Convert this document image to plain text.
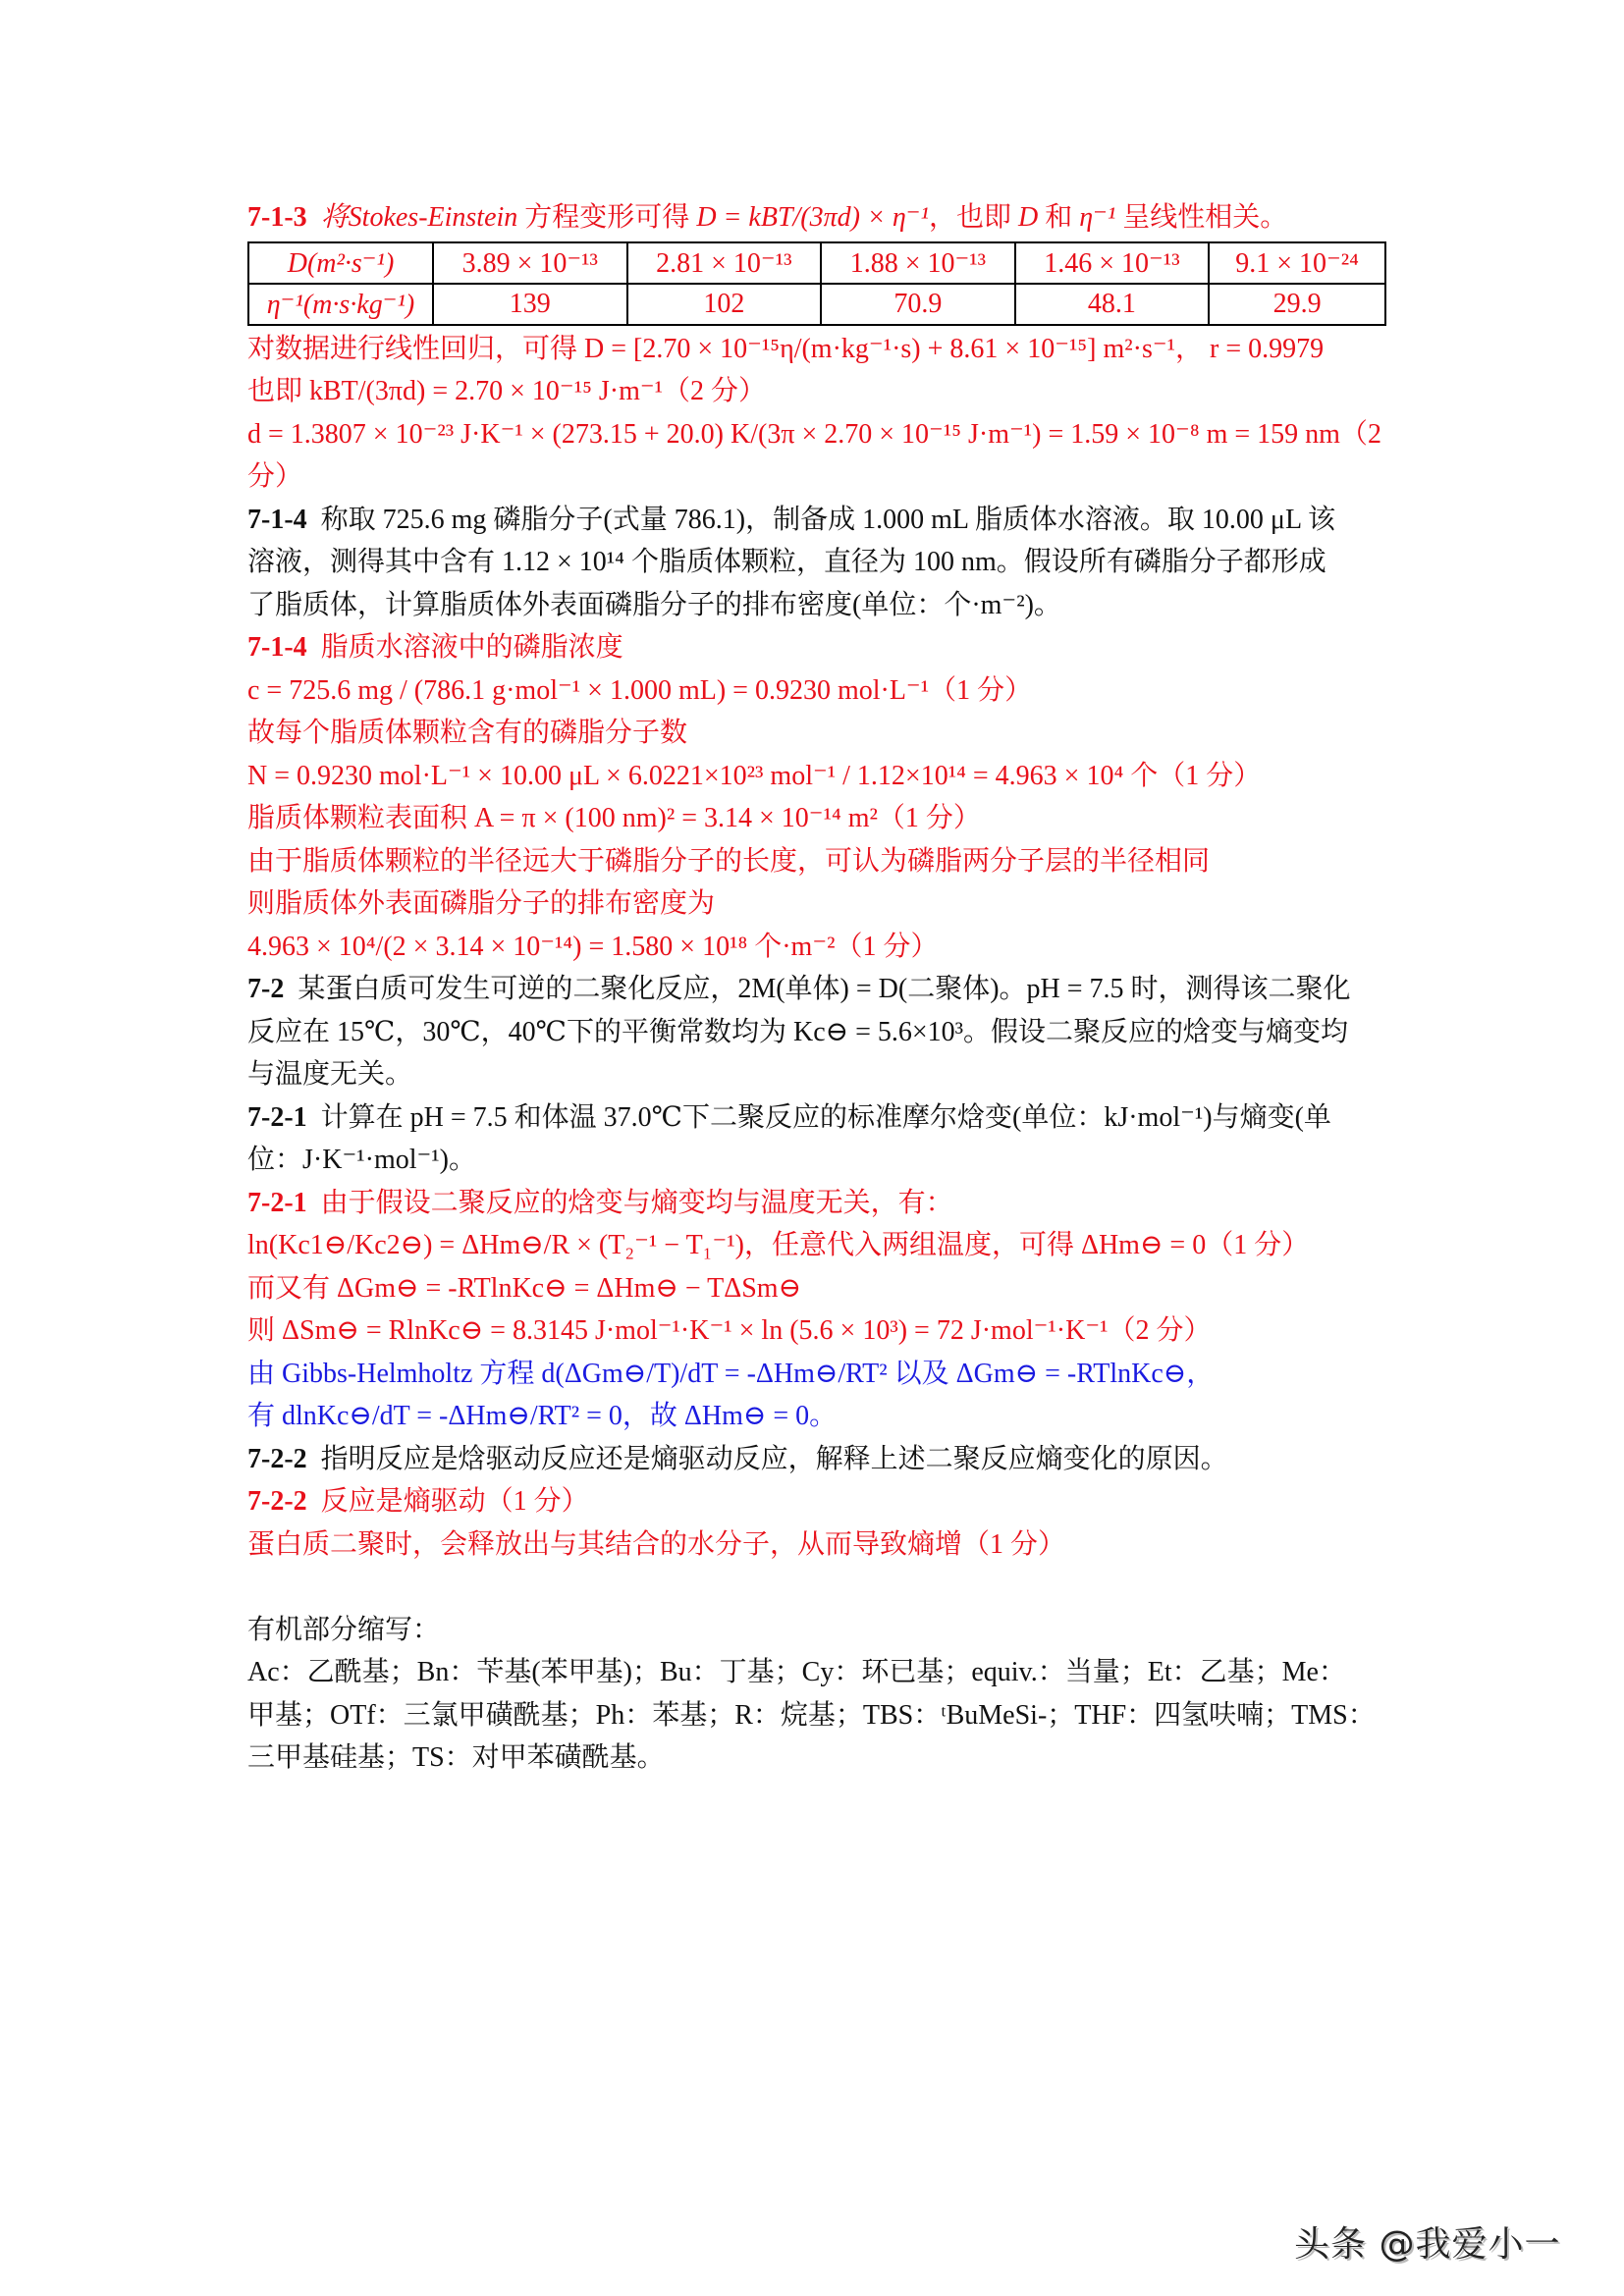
7-1-3 将Stokes-Einstein 方程变形可得 D = kBT/(3πd) × η⁻¹，也即 D 和 η⁻¹ 呈线性相关。
D(m²·s⁻¹)	3.89 × 10⁻¹³	2.81 × 10⁻¹³	1.88 × 10⁻¹³	1.46 × 10⁻¹³	9.1 × 10⁻²⁴
η⁻¹(m·s·kg⁻¹)	139	102	70.9	48.1	29.9
对数据进行线性回归，可得 D = [2.70 × 10⁻¹⁵η/(m·kg⁻¹·s) + 8.61 × 10⁻¹⁵] m²·s⁻¹， r = 0.9979
也即 kBT/(3πd) = 2.70 × 10⁻¹⁵ J·m⁻¹（2 分）
d = 1.3807 × 10⁻²³ J·K⁻¹ × (273.15 + 20.0) K/(3π × 2.70 × 10⁻¹⁵ J·m⁻¹) = 1.59 × 10⁻⁸ m = 159 nm（2
分）
7-1-4 称取 725.6 mg 磷脂分子(式量 786.1)，制备成 1.000 mL 脂质体水溶液。取 10.00 μL 该
溶液，测得其中含有 1.12 × 10¹⁴ 个脂质体颗粒，直径为 100 nm。假设所有磷脂分子都形成
了脂质体，计算脂质体外表面磷脂分子的排布密度(单位：个·m⁻²)。
7-1-4 脂质水溶液中的磷脂浓度
c = 725.6 mg / (786.1 g·mol⁻¹ × 1.000 mL) = 0.9230 mol·L⁻¹（1 分）
故每个脂质体颗粒含有的磷脂分子数
N = 0.9230 mol·L⁻¹ × 10.00 μL × 6.0221×10²³ mol⁻¹ / 1.12×10¹⁴ = 4.963 × 10⁴ 个（1 分）
脂质体颗粒表面积 A = π × (100 nm)² = 3.14 × 10⁻¹⁴ m²（1 分）
由于脂质体颗粒的半径远大于磷脂分子的长度，可认为磷脂两分子层的半径相同
则脂质体外表面磷脂分子的排布密度为
4.963 × 10⁴/(2 × 3.14 × 10⁻¹⁴) = 1.580 × 10¹⁸ 个·m⁻²（1 分）
7-2 某蛋白质可发生可逆的二聚化反应，2M(单体) = D(二聚体)。pH = 7.5 时，测得该二聚化
反应在 15℃，30℃，40℃下的平衡常数均为 Kc⊖ = 5.6×10³。假设二聚反应的焓变与熵变均
与温度无关。
7-2-1 计算在 pH = 7.5 和体温 37.0℃下二聚反应的标准摩尔焓变(单位：kJ·mol⁻¹)与熵变(单
位：J·K⁻¹·mol⁻¹)。
7-2-1 由于假设二聚反应的焓变与熵变均与温度无关，有：
ln(Kc1⊖/Kc2⊖) = ΔHm⊖/R × (T₂⁻¹ − T₁⁻¹)，任意代入两组温度，可得 ΔHm⊖ = 0（1 分）
而又有 ΔGm⊖ = -RTlnKc⊖ = ΔHm⊖ − TΔSm⊖
则 ΔSm⊖ = RlnKc⊖ = 8.3145 J·mol⁻¹·K⁻¹ × ln (5.6 × 10³) = 72 J·mol⁻¹·K⁻¹（2 分）
由 Gibbs-Helmholtz 方程 d(ΔGm⊖/T)/dT = -ΔHm⊖/RT² 以及 ΔGm⊖ = -RTlnKc⊖，
有 dlnKc⊖/dT = -ΔHm⊖/RT² = 0，故 ΔHm⊖ = 0。
7-2-2 指明反应是焓驱动反应还是熵驱动反应，解释上述二聚反应熵变化的原因。
7-2-2 反应是熵驱动（1 分）
蛋白质二聚时，会释放出与其结合的水分子，从而导致熵增（1 分）
有机部分缩写：
Ac：乙酰基；Bn：苄基(苯甲基)；Bu：丁基；Cy：环已基；equiv.：当量；Et：乙基；Me：
甲基；OTf：三氯甲磺酰基；Ph：苯基；R：烷基；TBS：ᵗBuMeSi-；THF：四氢呋喃；TMS：
三甲基硅基；TS：对甲苯磺酰基。
头条 @我爱小一
